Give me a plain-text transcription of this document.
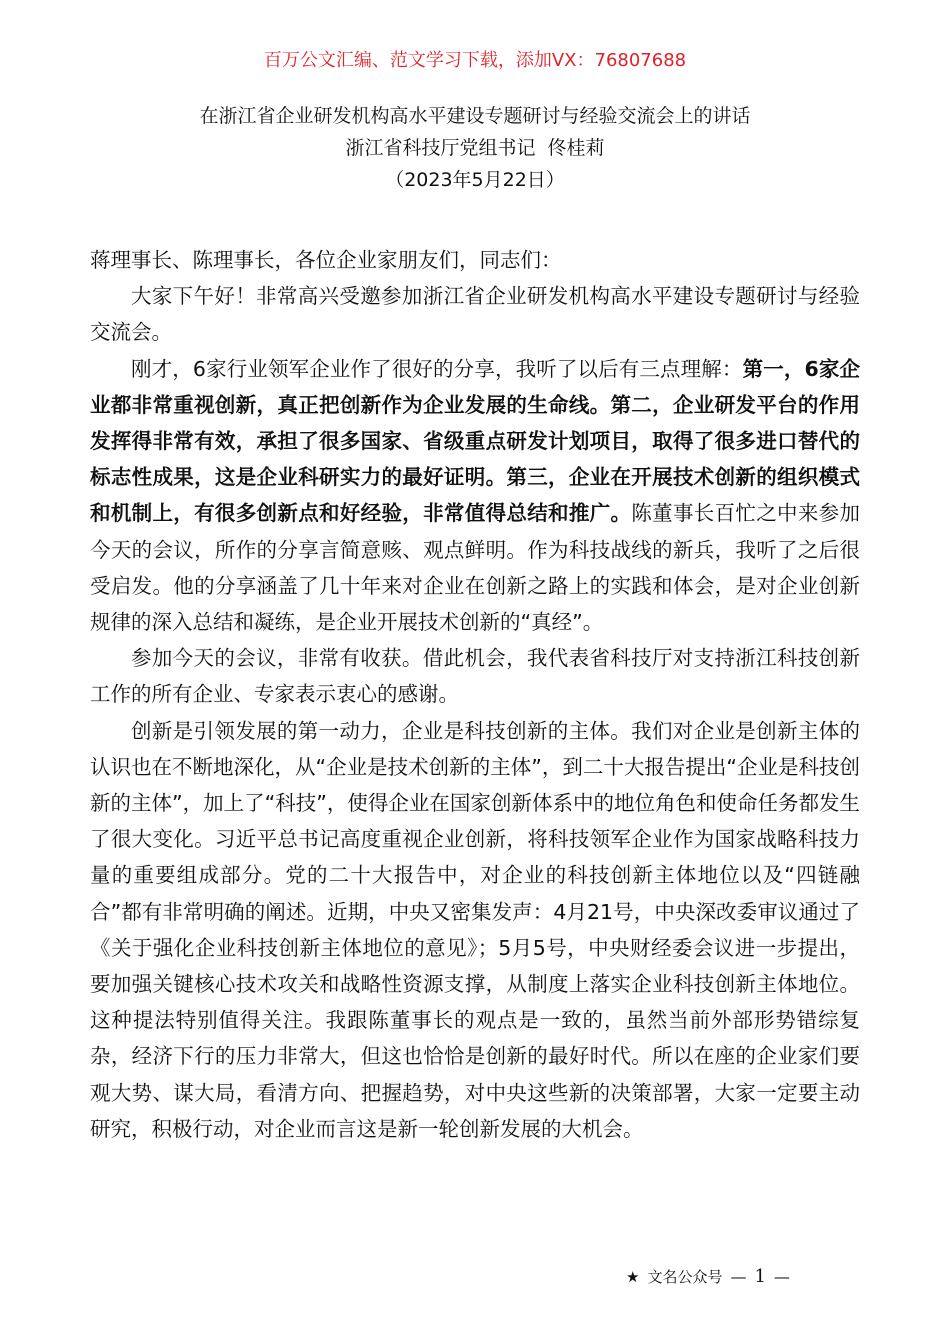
百万公文汇编、范文学习下载，添加VX：76807688
在浙江省企业研发机构高水平建设专题研讨与经验交流会上的讲话
浙江省科技厅党组书记  佟桂莉
（2023年5月22日）

蒋理事长、陈理事长，各位企业家朋友们，同志们：

大家下午好！非常高兴受邀参加浙江省企业研发机构高水平建设专题研讨与经验交流会。

刚才，6家行业领军企业作了很好的分享，我听了以后有三点理解：第一，6家企业都非常重视创新，真正把创新作为企业发展的生命线。第二，企业研发平台的作用发挥得非常有效，承担了很多国家、省级重点研发计划项目，取得了很多进口替代的标志性成果，这是企业科研实力的最好证明。第三，企业在开展技术创新的组织模式和机制上，有很多创新点和好经验，非常值得总结和推广。陈董事长百忙之中来参加今天的会议，所作的分享言简意赅、观点鲜明。作为科技战线的新兵，我听了之后很受启发。他的分享涵盖了几十年来对企业在创新之路上的实践和体会，是对企业创新规律的深入总结和凝练，是企业开展技术创新的“真经”。

参加今天的会议，非常有收获。借此机会，我代表省科技厅对支持浙江科技创新工作的所有企业、专家表示衷心的感谢。

创新是引领发展的第一动力，企业是科技创新的主体。我们对企业是创新主体的认识也在不断地深化，从“企业是技术创新的主体”，到二十大报告提出“企业是科技创新的主体”，加上了“科技”，使得企业在国家创新体系中的地位角色和使命任务都发生了很大变化。习近平总书记高度重视企业创新，将科技领军企业作为国家战略科技力量的重要组成部分。党的二十大报告中，对企业的科技创新主体地位以及“四链融合”都有非常明确的阐述。近期，中央又密集发声：4月21号，中央深改委审议通过了《关于强化企业科技创新主体地位的意见》；5月5号，中央财经委会议进一步提出，要加强关键核心技术攻关和战略性资源支撑，从制度上落实企业科技创新主体地位。这种提法特别值得关注。我跟陈董事长的观点是一致的，虽然当前外部形势错综复杂，经济下行的压力非常大，但这也恰恰是创新的最好时代。所以在座的企业家们要观大势、谋大局，看清方向、把握趋势，对中央这些新的决策部署，大家一定要主动研究，积极行动，对企业而言这是新一轮创新发展的大机会。

★ 文名公众号 — 1 —
